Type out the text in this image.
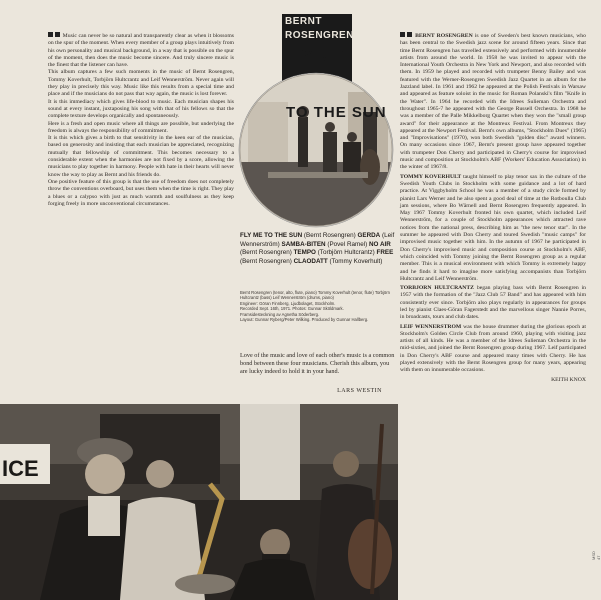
Music can never be so natural and transparently clear as when it blossoms on the spur of the moment. When every member of a group plays intuitively from his own personality and musical background, in a way that is possible on the spur of the moment, then does the music become sincere. And truly sincere music is the finest that the listener can have.

This album captures a few such moments in the music of Bernt Rosengren, Tommy Koverhult, Torbjörn Hultcrantz and Leif Wennerström. Never again will they play in precisely this way. Music like this results from a special time and place and if the musicians do not pass that way again, the music is lost forever.

It is this immediacy which gives life-blood to music. Each musician shapes his sound at every instant, juxtaposing his song with that of his fellows so that the complete texture develops organically and spontaneously.

Here is a fresh and open music where all things are possible, but underlying the freedom is always the responsibility of commitment.

It is this which gives a birth to that sensitivity in the keen ear of the musician, based on generosity and insisting that each musician be appreciated, recognizing mutually that fellowship of commitment. This becomes necessary to a considerable extent when the harmonies are not fixed by a score, allowing the musicians to play together in harmony. People with hate in their hearts will never know the way to play as Bernt and his friends do.

One positive feature of this group is that the use of freedom does not completely throw the conventions overboard, but uses them when the time is right. They play a blues or a calypso with just as much warmth and soulfulness as they keep forging freely in more unconventional circumstances.

BERNT
ROSENGREN
FLY ME
TO THE SUN
FLY ME TO THE SUN (Bernt Rosengren) GERDA (Leif Wennerström) SAMBA-BITEN (Povel Ramel) NO AIR (Bernt Rosengren) TEMPO (Torbjörn Hultcrantz) FREE (Bernt Rosengren) CLAODATT (Tommy Koverhult)
Bernt Rosengren (tenor, alto, flute, piano) Tommy Koverhult (tenor, flute) Torbjörn Hultcrantz (bass) Leif Wennerström (drums, piano)
Engineer: Göran Finnberg, Ljudbolaget, Stockholm.
Recorded Sept. 16th, 1971. Photos: Gunnar Sköldmark.
Framsidesteckning av Agnetha Söderberg.
Layout: Gunnar Ryberg/Peter Wilking. Produced by Gunnar Hallberg.
Love of the music and love of each other's music is a common bond between these four musicians. Cherish this album, you are lucky indeed to hold it in your hand.
LARS WESTIN

BERNT ROSENGREN is one of Sweden's best known musicians, who has been central to the Swedish jazz scene for around fifteen years. Since that time Bernt Rosengren has travelled extensively and performed with innumerable artists from around the world. In 1958 he was invited to appear with the International Youth Orchestra in New York and Newport, and also recorded with them. In 1959 he played and recorded with trumpeter Benny Bailey and was featured with the Werner-Rosengren Swedish Jazz Quartet in an album for the Jazzland label. In 1961 and 1962 he appeared at the Polish Festivals in Warsaw and appeared as feature soloist in the music for Roman Polanski's film "Knife in the Water". In 1964 he recorded with the Idrees Sulieman Orchestra and throughout 1965-7 he appeared with the George Russell Orchestra. In 1968 he was a member of the Palle Mikkelborg Quartet when they won the "small group award" for their appearance at the Montreux Festival. From Montreux they appeared at the Newport Festival. Bernt's own albums, "Stockholm Dues" (1965) and "Improvisations" (1970), won both Swedish "golden disc" award winners. On many occasions since 1967, Bernt's present group have appeared together with trumpeter Don Cherry and participated in Cherry's course for improvised music and composition at Stockholm's ABF (Workers' Education Association) in the winter of 1967/8.

TOMMY KOVERHULT taught himself to play tenor sax in the culture of the Swedish Youth Clubs in Stockholm with some guidance and a lot of hard practice. At Viggbyholm School he was a member of a study circle formed by pianist Lars Werner and he also spent a good deal of time at the Rotboulla Club jam sessions, where Bo Wärnell and Bernt Rosengren frequently appeared. In May 1967 Tommy Koverhult fronted his own quartet, which included Leif Wennerström, for a couple of Stockholm appearances which attracted rave notices from the national press, describing him as "the new tenor star". In the summer he appeared with Don Cherry and toured Swedish "music camps" for improvised music together with him. In the autumn of 1967 he participated in Don Cherry's improvised music and composition course at Stockholm's ABF, which coincided with Tommy joining the Bernt Rosengren group as a regular member. This is a musical environment with which Tommy is extremely happy and he finds it hard to imagine more satisfying accompanists than Torbjörn Hultcrantz and Leif Wennerström.

TORBJORN HULTCRANTZ began playing bass with Bernt Rosengren in 1957 with the formation of the "Jazz Club 57 Band" and has appeared with him consistently ever since. Torbjörn also plays regularly in appearances for groups led by pianist Claes-Göran Fagerstedt and the marvellous singer Nannie Porres, in broadcasts, tours and club dates.

LEIF WENNERSTROM was the house drummer during the glorious epoch at Stockholm's Golden Circle Club from around 1960, playing with visiting jazz artists of all kinds. He was a member of the Idrees Sulieman Orchestra in the mid-sixties, and joined the Bernt Rosengren group during 1967. Leif participated in Don Cherry's ABF course and appeared many times with Cherry. He has played extensively with the Bernt Rosengren group for many years, appearing with them on innumerable occasions.

KEITH KNOX

ICE
MSD 47
